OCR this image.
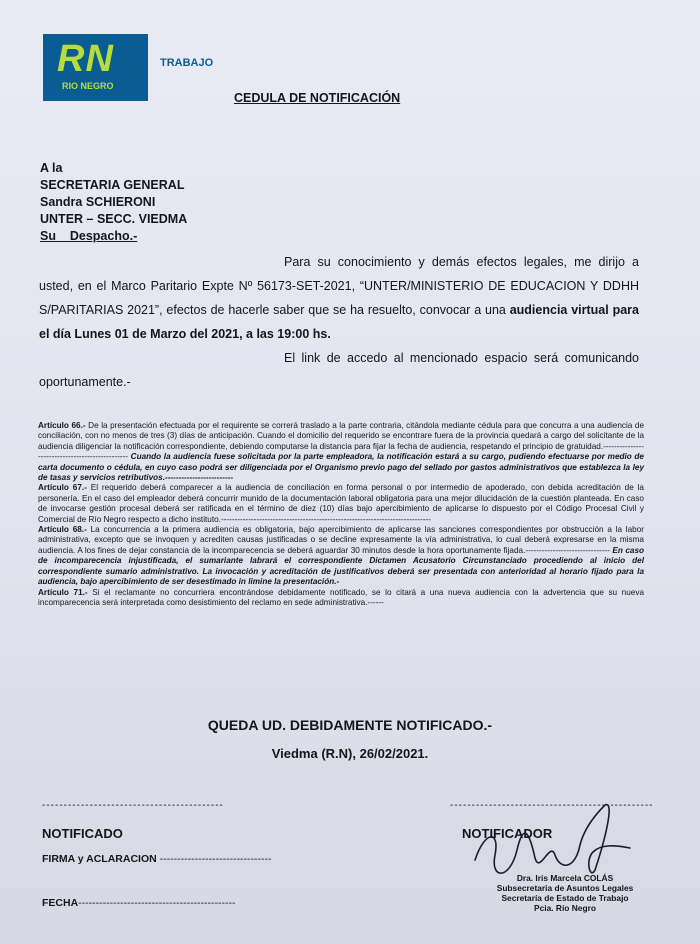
RN
RIO NEGRO
TRABAJO
CEDULA DE NOTIFICACIÓN
A la
SECRETARIA GENERAL
Sandra SCHIERONI
UNTER – SECC. VIEDMA
Su    Despacho.-

Para su conocimiento y demás efectos legales, me dirijo a usted, en el Marco Paritario Expte Nº 56173-SET-2021, “UNTER/MINISTERIO DE EDUCACION Y DDHH S/PARITARIAS 2021”, efectos de hacerle saber que se ha resuelto, convocar a una audiencia virtual para el día Lunes 01 de Marzo del 2021, a las 19:00 hs.

El link de accedo al mencionado espacio será comunicando oportunamente.-

Artículo 66.- De la presentación efectuada por el requirente se correrá traslado a la parte contraria, citándola mediante cédula para que concurra a una audiencia de conciliación, con no menos de tres (3) días de anticipación. Cuando el domicilio del requerido se encontrare fuera de la provincia quedará a cargo del solicitante de la audiencia diligenciar la notificación correspondiente, debiendo computarse la distancia para fijar la fecha de audiencia, respetando el principio de gratuidad.------------------------------------------------ Cuando la audiencia fuese solicitada por la parte empleadora, la notificación estará a su cargo, pudiendo efectuarse por medio de carta documento o cédula, en cuyo caso podrá ser diligenciada por el Organismo previo pago del sellado por gastos administrativos que establezca la ley de tasas y servicios retributivos.-------------------------

Artículo 67.- El requerido deberá comparecer a la audiencia de conciliación en forma personal o por intermedio de apoderado, con debida acreditación de la personería. En el caso del empleador deberá concurrir munido de la documentación laboral obligatoria para una mejor dilucidación de la cuestión planteada. En caso de invocarse gestión procesal deberá ser ratificada en el término de diez (10) días bajo apercibimiento de aplicarse lo dispuesto por el Código Procesal Civil y Comercial de Río Negro respecto a dicho instituto.-----------------------------------------------------------------------------

Artículo 68.- La concurrencia a la primera audiencia es obligatoria, bajo apercibimiento de aplicarse las sanciones correspondientes por obstrucción a la labor administrativa, excepto que se invoquen y acrediten causas justificadas o se decline expresamente la vía administrativa, lo cual deberá expresarse en la misma audiencia. A los fines de dejar constancia de la incomparecencia se deberá aguardar 30 minutos desde la hora oportunamente fijada.------------------------------- En caso de incomparecencia injustificada, el sumariante labrará el correspondiente Dictamen Acusatorio Circunstanciado procediendo al inicio del correspondiente sumario administrativo. La invocación y acreditación de justificativos deberá ser presentada con anterioridad al horario fijado para la audiencia, bajo apercibimiento de ser desestimado in limine la presentación.-

Artículo 71.- Si el reclamante no concurriera encontrándose debidamente notificado, se lo citará a una nueva audiencia con la advertencia que su nueva incomparecencia será interpretada como desistimiento del reclamo en sede administrativa.------

QUEDA UD. DEBIDAMENTE NOTIFICADO.-
Viedma (R.N), 26/02/2021.
------------------------------------------	-----------------------------------------------
NOTIFICADO
FIRMA y ACLARACION --------------------------------
FECHA---------------------------------------------
NOTIFICADOR
Dra. Iris Marcela COLÁS
Subsecretaria de Asuntos Legales
Secretaría de Estado de Trabajo
Pcia. Río Negro
